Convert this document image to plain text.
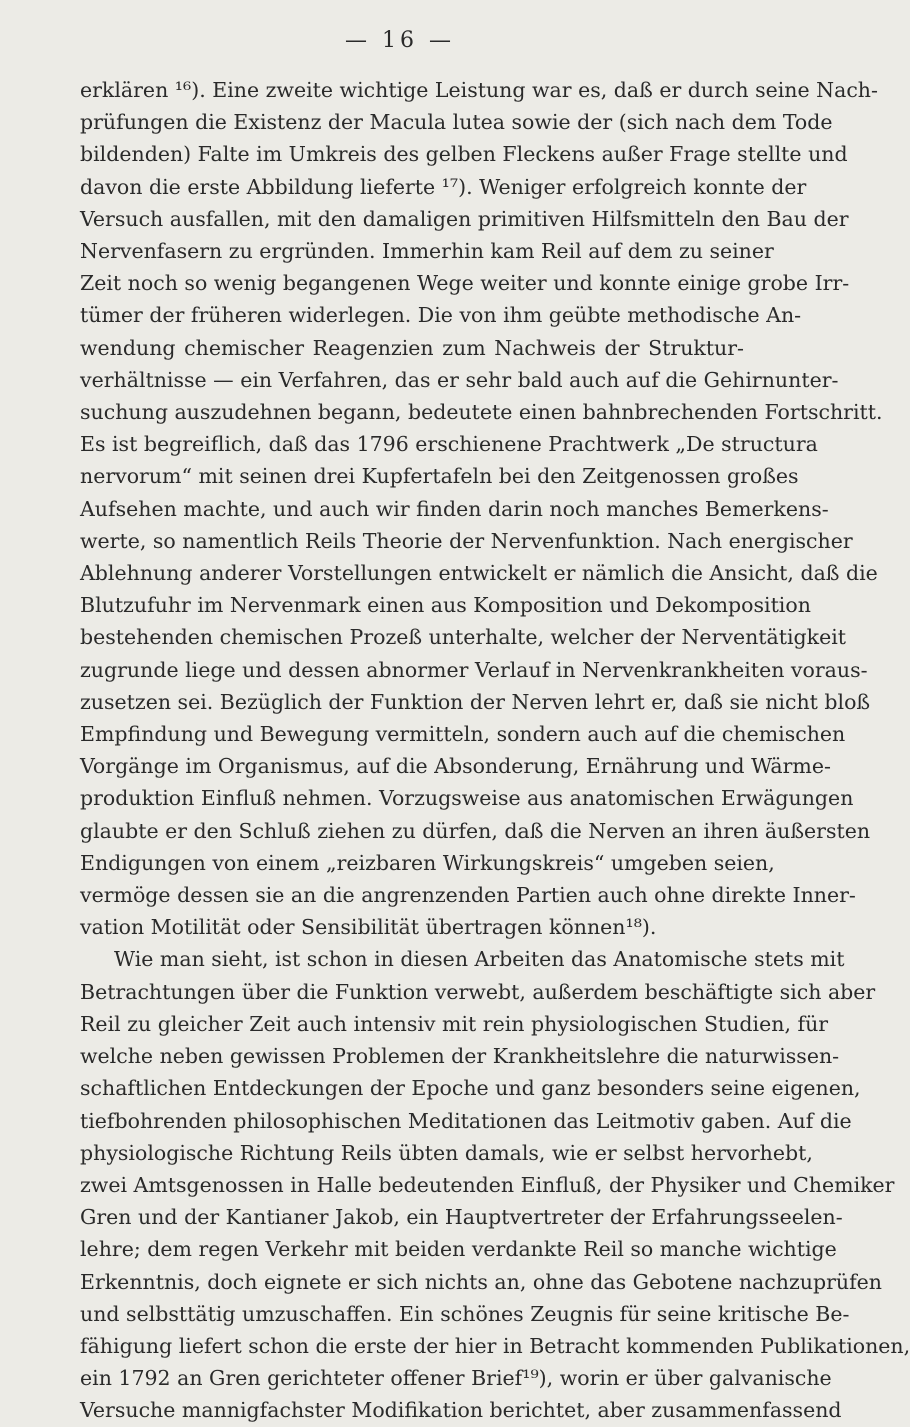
— 16 —
erklären ¹⁶). Eine zweite wichtige Leistung war es, daß er durch seine Nach-
prüfungen die Existenz der Macula lutea sowie der (sich nach dem Tode
bildenden) Falte im Umkreis des gelben Fleckens außer Frage stellte und
davon die erste Abbildung lieferte ¹⁷). Weniger erfolgreich konnte der
Versuch ausfallen, mit den damaligen primitiven Hilfsmitteln den Bau der
Nervenfasern zu ergründen. Immerhin kam Reil auf dem zu seiner
Zeit noch so wenig begangenen Wege weiter und konnte einige grobe Irr-
tümer der früheren widerlegen. Die von ihm geübte methodische An-
wendung chemischer Reagenzien zum Nachweis der Struktur-
verhältnisse — ein Verfahren, das er sehr bald auch auf die Gehirnunter-
suchung auszudehnen begann, bedeutete einen bahnbrechenden Fortschritt.
Es ist begreiflich, daß das 1796 erschienene Prachtwerk „De structura
nervorum“ mit seinen drei Kupfertafeln bei den Zeitgenossen großes
Aufsehen machte, und auch wir finden darin noch manches Bemerkens-
werte, so namentlich Reils Theorie der Nervenfunktion. Nach energischer
Ablehnung anderer Vorstellungen entwickelt er nämlich die Ansicht, daß die
Blutzufuhr im Nervenmark einen aus Komposition und Dekomposition
bestehenden chemischen Prozeß unterhalte, welcher der Nerventätigkeit
zugrunde liege und dessen abnormer Verlauf in Nervenkrankheiten voraus-
zusetzen sei. Bezüglich der Funktion der Nerven lehrt er, daß sie nicht bloß
Empfindung und Bewegung vermitteln, sondern auch auf die chemischen
Vorgänge im Organismus, auf die Absonderung, Ernährung und Wärme-
produktion Einfluß nehmen. Vorzugsweise aus anatomischen Erwägungen
glaubte er den Schluß ziehen zu dürfen, daß die Nerven an ihren äußersten
Endigungen von einem „reizbaren Wirkungskreis“ umgeben seien,
vermöge dessen sie an die angrenzenden Partien auch ohne direkte Inner-
vation Motilität oder Sensibilität übertragen können¹⁸).
Wie man sieht, ist schon in diesen Arbeiten das Anatomische stets mit
Betrachtungen über die Funktion verwebt, außerdem beschäftigte sich aber
Reil zu gleicher Zeit auch intensiv mit rein physiologischen Studien, für
welche neben gewissen Problemen der Krankheitslehre die naturwissen-
schaftlichen Entdeckungen der Epoche und ganz besonders seine eigenen,
tiefbohrenden philosophischen Meditationen das Leitmotiv gaben. Auf die
physiologische Richtung Reils übten damals, wie er selbst hervorhebt,
zwei Amtsgenossen in Halle bedeutenden Einfluß, der Physiker und Chemiker
Gren und der Kantianer Jakob, ein Hauptvertreter der Erfahrungsseelen-
lehre; dem regen Verkehr mit beiden verdankte Reil so manche wichtige
Erkenntnis, doch eignete er sich nichts an, ohne das Gebotene nachzuprüfen
und selbsttätig umzuschaffen. Ein schönes Zeugnis für seine kritische Be-
fähigung liefert schon die erste der hier in Betracht kommenden Publikationen,
ein 1792 an Gren gerichteter offener Brief¹⁹), worin er über galvanische
Versuche mannigfachster Modifikation berichtet, aber zusammenfassend
